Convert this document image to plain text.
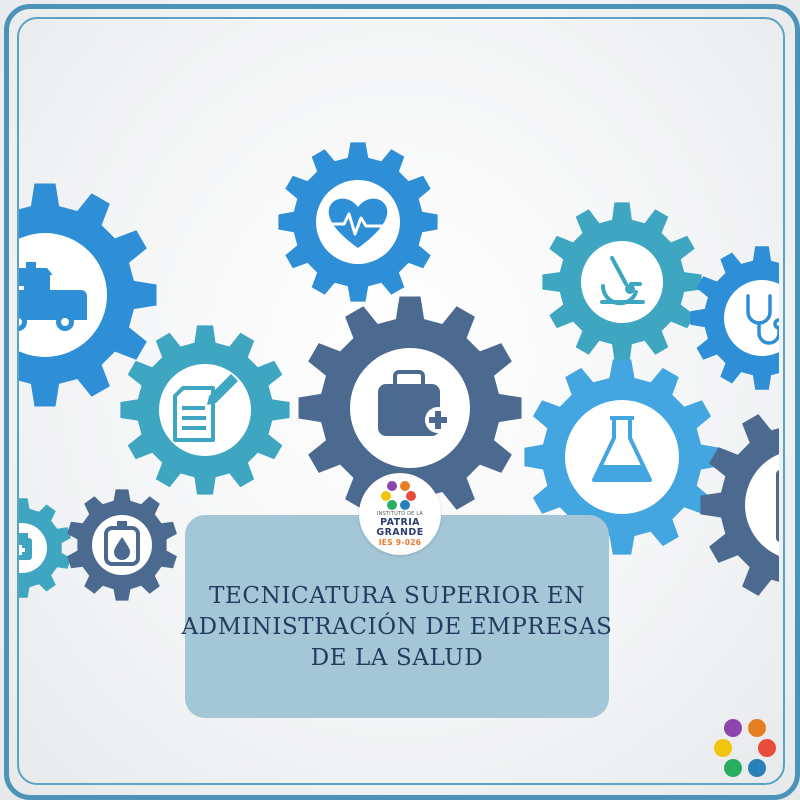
TECNICATURA SUPERIOR EN
ADMINISTRACIÓN DE EMPRESAS
DE LA SALUD
INSTITUTO DE LA
PATRIA
GRANDE
IES 9-026
